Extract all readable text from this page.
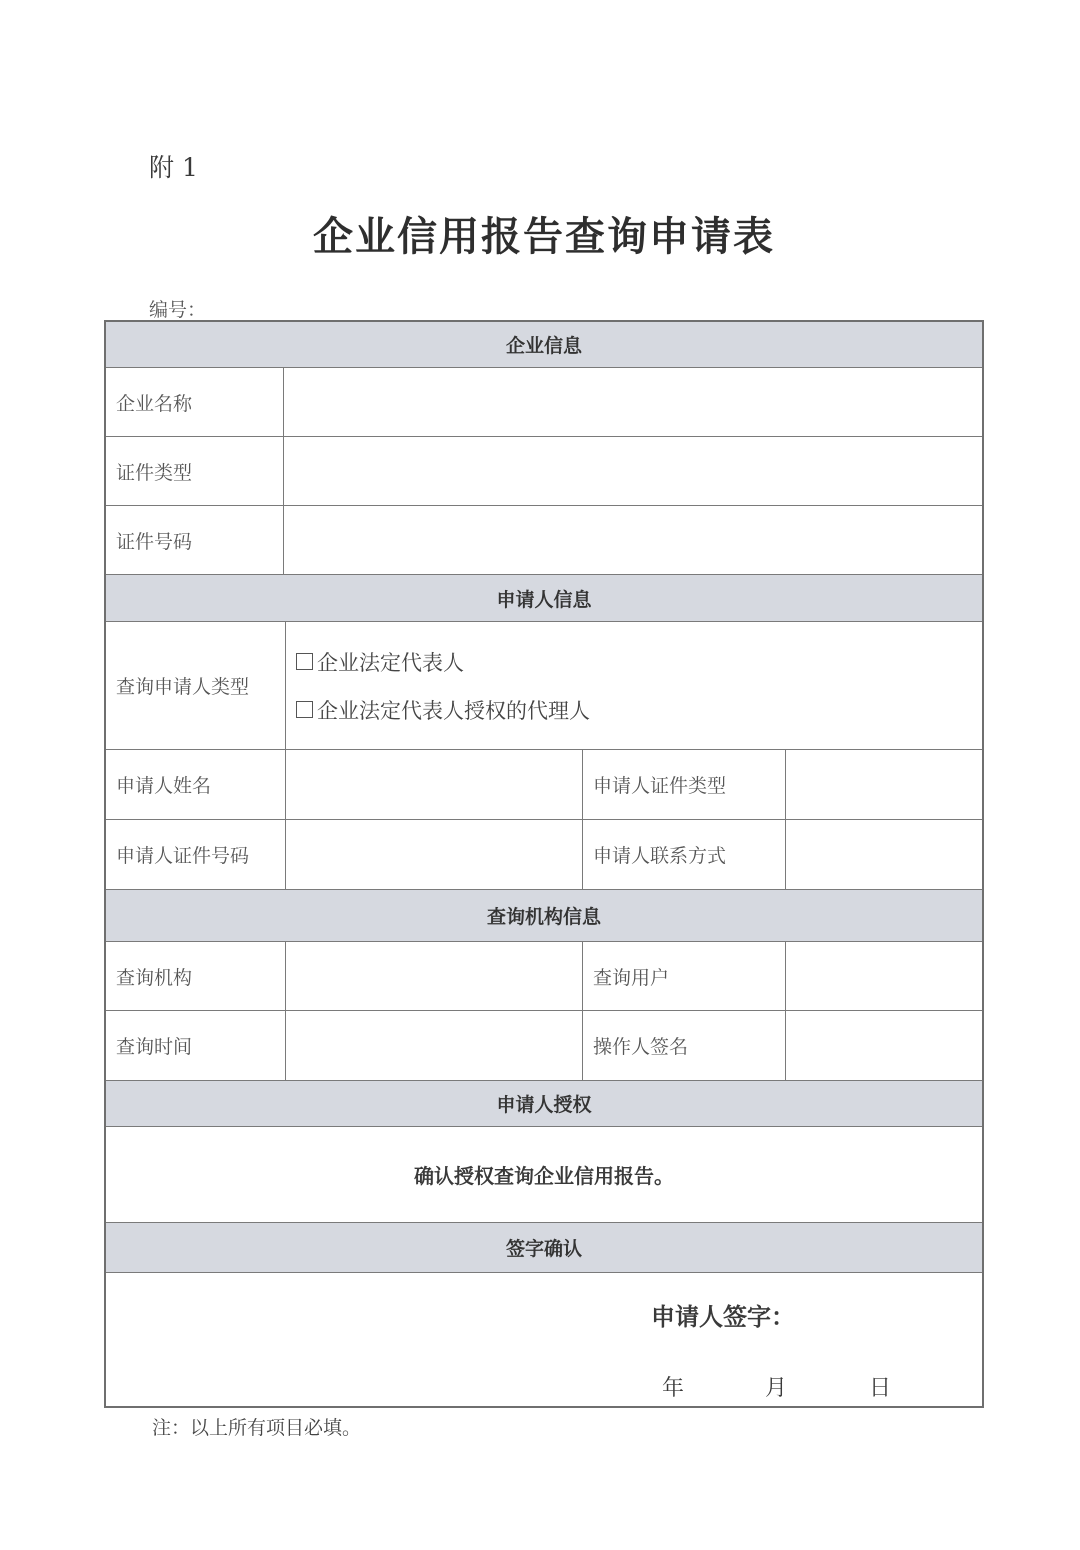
附 1
企业信用报告查询申请表
编号：
企业信息
企业名称
证件类型
证件号码
申请人信息
查询申请人类型
企业法定代表人
企业法定代表人授权的代理人
申请人姓名	申请人证件类型
申请人证件号码	申请人联系方式
查询机构信息
查询机构	查询用户
查询时间	操作人签名
申请人授权
确认授权查询企业信用报告。
签字确认
申请人签字：
年	月	日
注：以上所有项目必填。
